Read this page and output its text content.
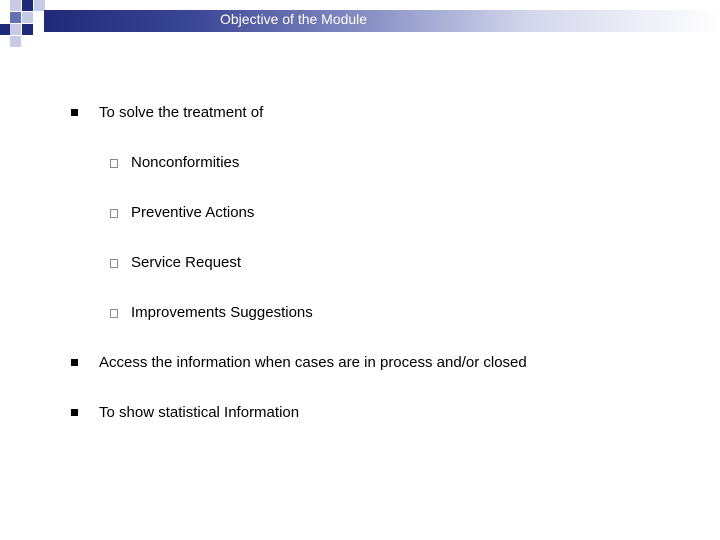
Objective of the Module
To solve the treatment of
Nonconformities
Preventive Actions
Service Request
Improvements Suggestions
Access the information when cases are in process and/or closed
To show statistical Information
